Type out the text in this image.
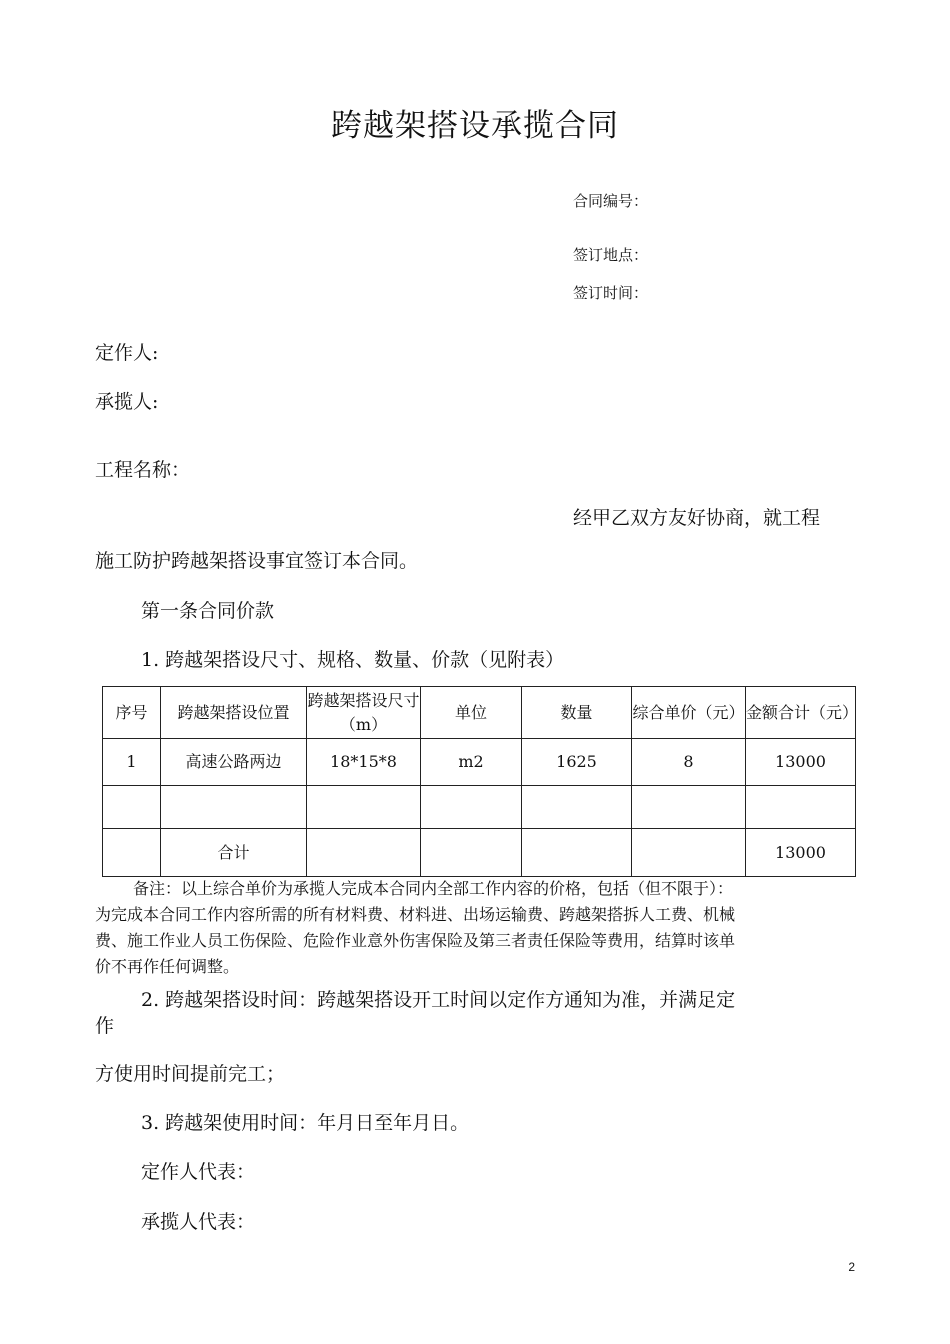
跨越架搭设承揽合同
合同编号：
签订地点：
签订时间：
定作人:
承揽人:
工程名称：
经甲乙双方友好协商，就工程
施工防护跨越架搭设事宜签订本合同。
第一条合同价款
1. 跨越架搭设尺寸、规格、数量、价款（见附表）
序号	跨越架搭设位置	跨越架搭设尺寸（m）	单位	数量	综合单价（元）	金额合计（元）
1	高速公路两边	18*15*8	m2	1625	8	13000

	合计					13000

备注：以上综合单价为承揽人完成本合同内全部工作内容的价格，包括（但不限于）：

为完成本合同工作内容所需的所有材料费、材料进、出场运输费、跨越架搭拆人工费、机械

费、施工作业人员工伤保险、危险作业意外伤害保险及第三者责任保险等费用，结算时该单

价不再作任何调整。

2. 跨越架搭设时间：跨越架搭设开工时间以定作方通知为准，并满足定
作
方使用时间提前完工；
3. 跨越架使用时间：年月日至年月日。
定作人代表：
承揽人代表：
2
